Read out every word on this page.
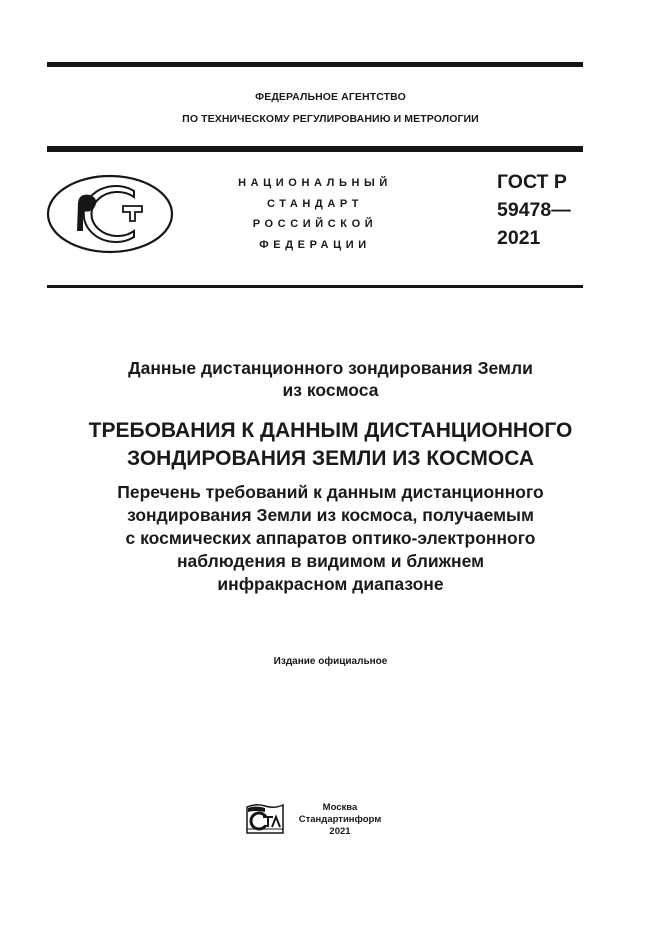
ФЕДЕРАЛЬНОЕ АГЕНТСТВО
ПО ТЕХНИЧЕСКОМУ РЕГУЛИРОВАНИЮ И МЕТРОЛОГИИ
НАЦИОНАЛЬНЫЙ
СТАНДАРТ
РОССИЙСКОЙ
ФЕДЕРАЦИИ
ГОСТ Р
59478—
2021
Данные дистанционного зондирования Земли
из космоса
ТРЕБОВАНИЯ К ДАННЫМ ДИСТАНЦИОННОГО
ЗОНДИРОВАНИЯ ЗЕМЛИ ИЗ КОСМОСА
Перечень требований к данным дистанционного
зондирования Земли из космоса, получаемым
с космических аппаратов оптико-электронного
наблюдения в видимом и ближнем
инфракрасном диапазоне
Издание официальное
Москва
Стандартинформ
2021
